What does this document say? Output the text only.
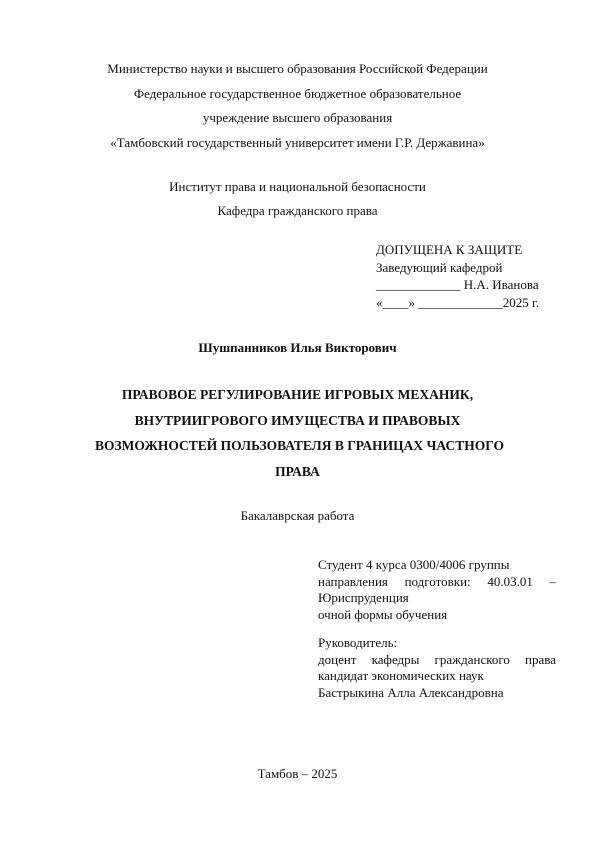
Министерство науки и высшего образования Российской Федерации
Федеральное государственное бюджетное образовательное
учреждение высшего образования
«Тамбовский государственный университет имени Г.Р. Державина»
Институт права и национальной безопасности
Кафедра гражданского права
ДОПУЩЕНА К ЗАЩИТЕ
Заведующий кафедрой
_____________ Н.А. Иванова
«____» _____________2025 г.
Шушпанников Илья Викторович
ПРАВОВОЕ РЕГУЛИРОВАНИЕ ИГРОВЫХ МЕХАНИК,
ВНУТРИИГРОВОГО ИМУЩЕСТВА И ПРАВОВЫХ
ВОЗМОЖНОСТЕЙ ПОЛЬЗОВАТЕЛЯ В ГРАНИЦАХ ЧАСТНОГО
ПРАВА
Бакалаврская работа
Студент 4 курса 0300/4006 группы
направления подготовки: 40.03.01 –
Юриспруденция
очной формы обучения
Руководитель:
доцент кафедры гражданского права
кандидат экономических наук
Бастрыкина Алла Александровна
Тамбов – 2025
